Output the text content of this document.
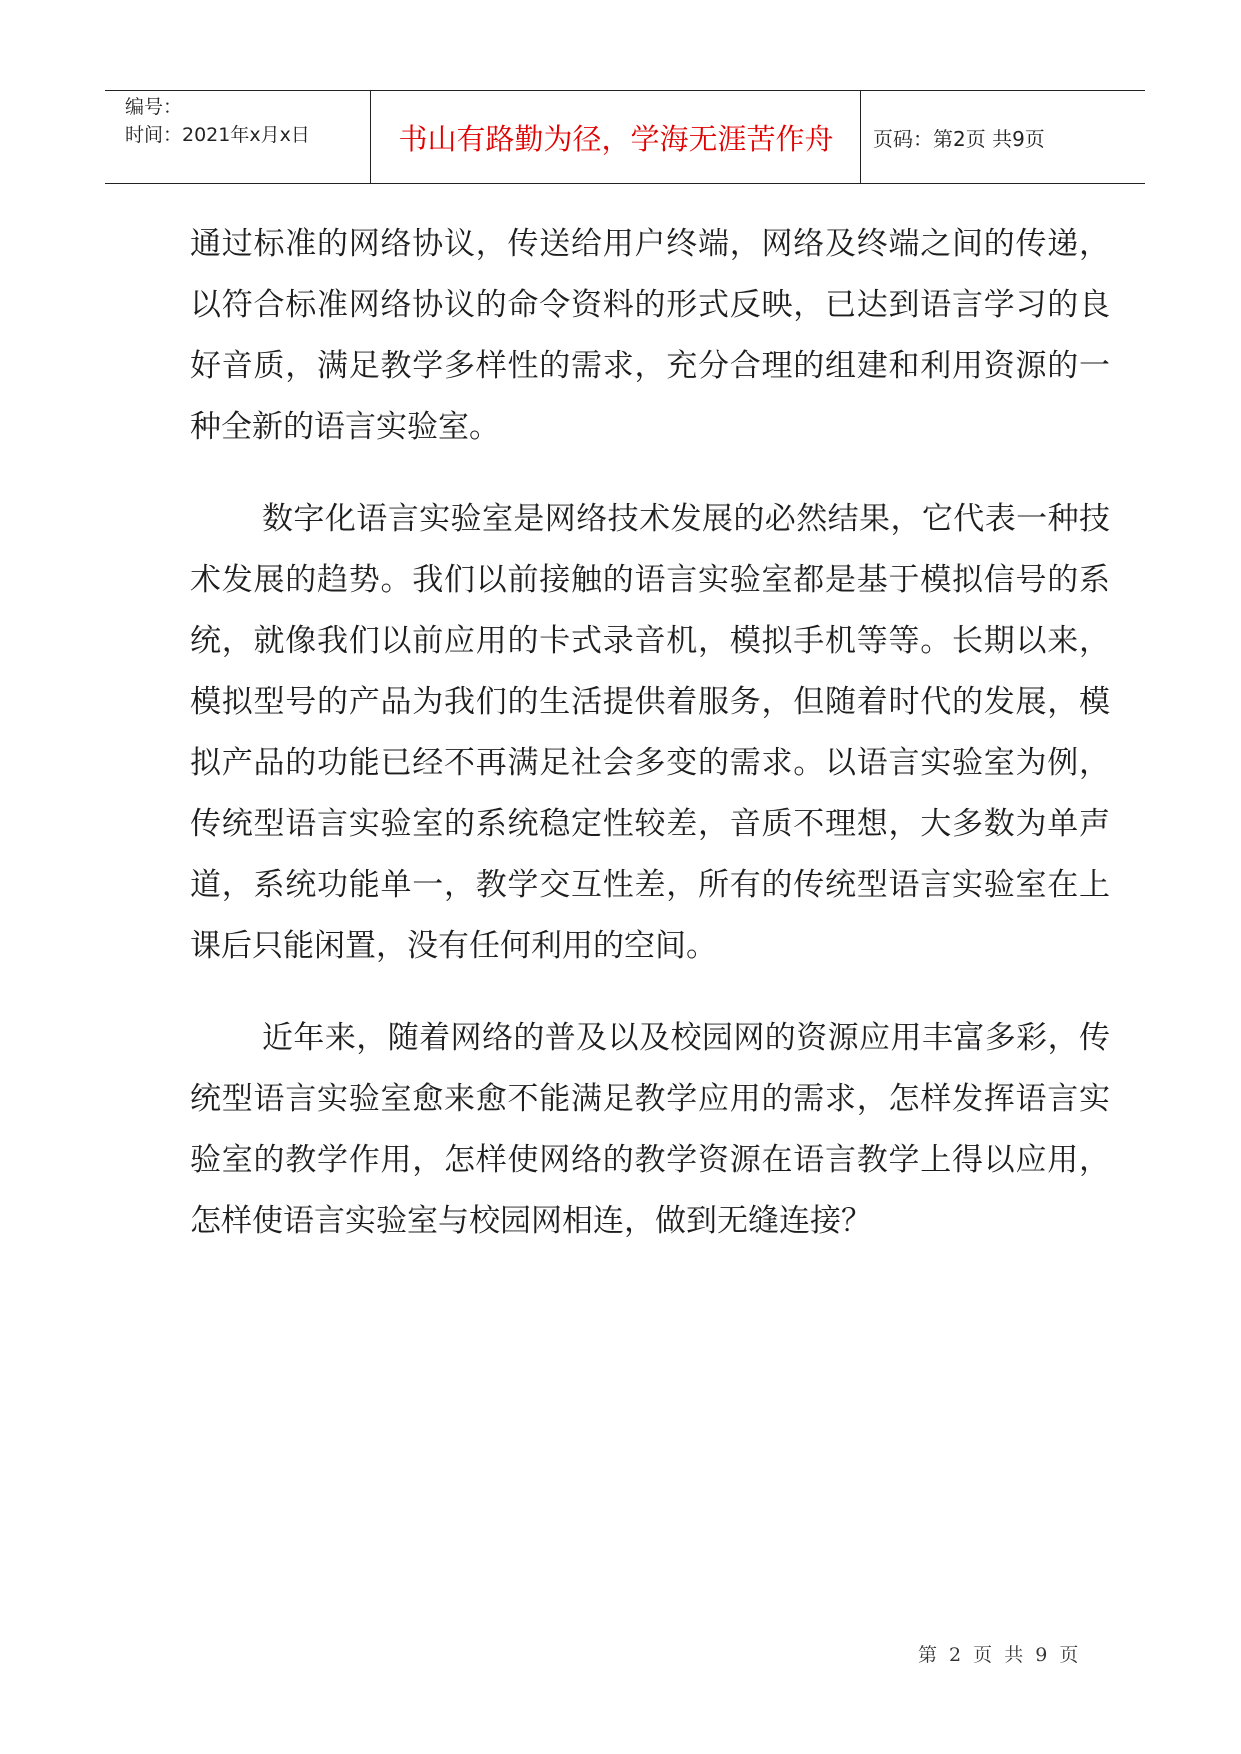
编号：
时间：2021年x月x日	书山有路勤为径，学海无涯苦作舟 页码：第2页 共9页

通过标准的网络协议，传送给用户终端，网络及终端之间的传递，以符合标准网络协议的命令资料的形式反映，已达到语言学习的良好音质，满足教学多样性的需求，充分合理的组建和利用资源的一种全新的语言实验室。

数字化语言实验室是网络技术发展的必然结果，它代表一种技术发展的趋势。我们以前接触的语言实验室都是基于模拟信号的系统，就像我们以前应用的卡式录音机，模拟手机等等。长期以来，模拟型号的产品为我们的生活提供着服务，但随着时代的发展，模拟产品的功能已经不再满足社会多变的需求。以语言实验室为例，传统型语言实验室的系统稳定性较差，音质不理想，大多数为单声道，系统功能单一，教学交互性差，所有的传统型语言实验室在上课后只能闲置，没有任何利用的空间。

近年来，随着网络的普及以及校园网的资源应用丰富多彩，传统型语言实验室愈来愈不能满足教学应用的需求，怎样发挥语言实验室的教学作用，怎样使网络的教学资源在语言教学上得以应用，怎样使语言实验室与校园网相连，做到无缝连接？

第 2 页 共 9 页
